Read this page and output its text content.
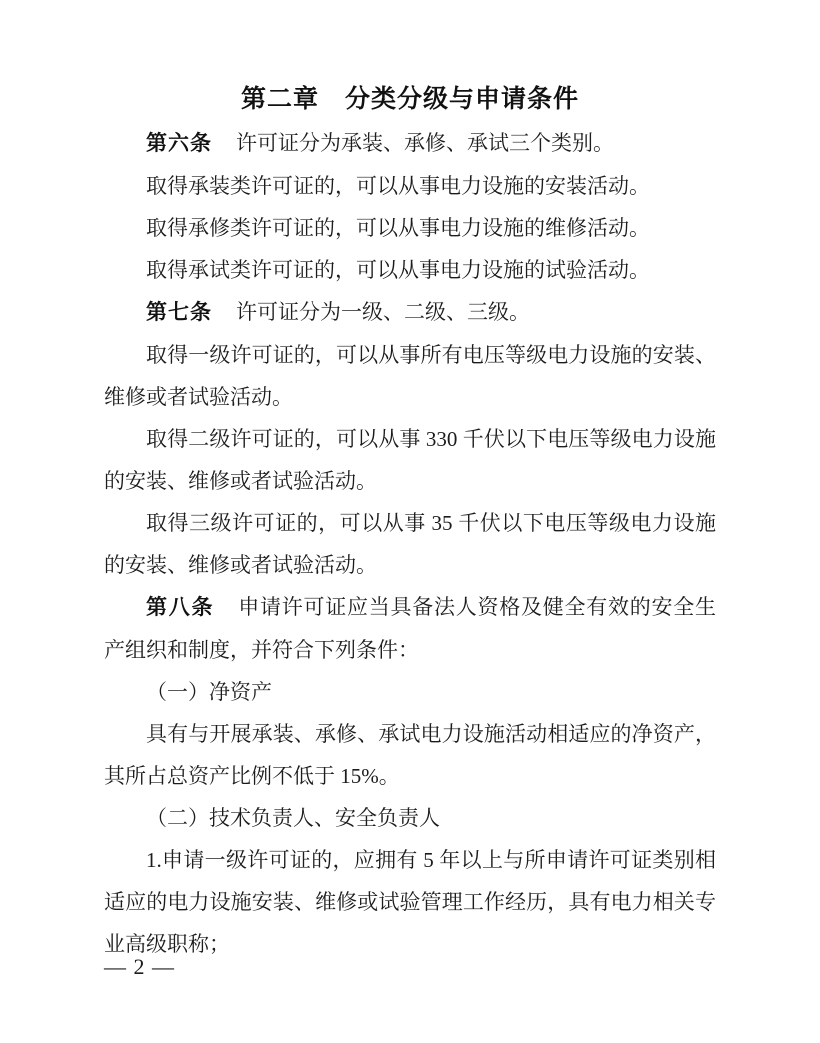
第二章　分类分级与申请条件

第六条 许可证分为承装、承修、承试三个类别。

取得承装类许可证的，可以从事电力设施的安装活动。

取得承修类许可证的，可以从事电力设施的维修活动。

取得承试类许可证的，可以从事电力设施的试验活动。

第七条 许可证分为一级、二级、三级。

取得一级许可证的，可以从事所有电压等级电力设施的安装、维修或者试验活动。

取得二级许可证的，可以从事 330 千伏以下电压等级电力设施的安装、维修或者试验活动。

取得三级许可证的，可以从事 35 千伏以下电压等级电力设施的安装、维修或者试验活动。

第八条 申请许可证应当具备法人资格及健全有效的安全生产组织和制度，并符合下列条件：

（一）净资产

具有与开展承装、承修、承试电力设施活动相适应的净资产，其所占总资产比例不低于 15%。

（二）技术负责人、安全负责人

1.申请一级许可证的，应拥有 5 年以上与所申请许可证类别相适应的电力设施安装、维修或试验管理工作经历，具有电力相关专业高级职称；

— 2 —
